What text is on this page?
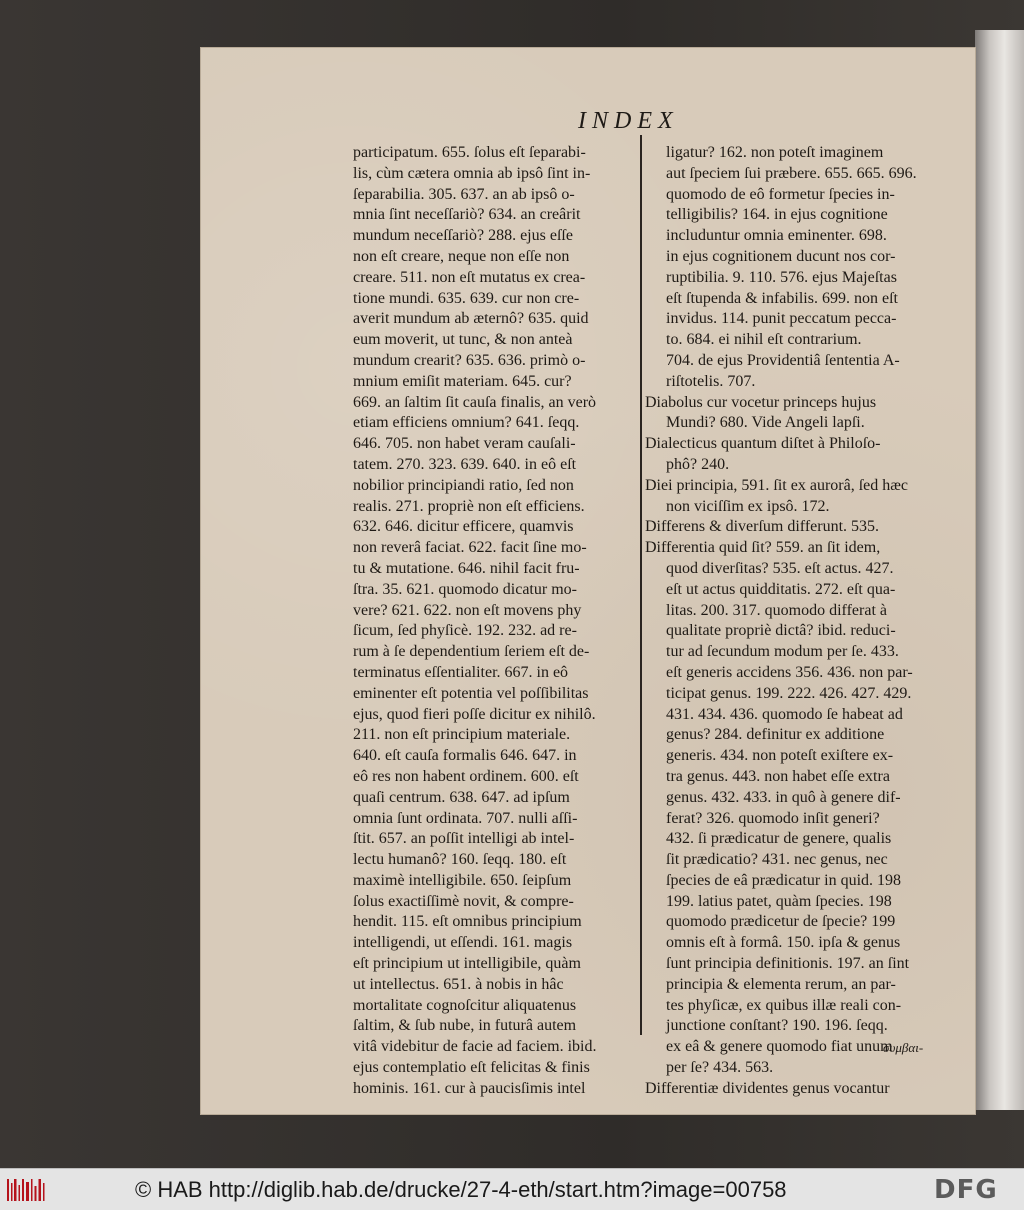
INDEX
participatum. 655. ſolus eſt ſeparabi-
lis, cùm cætera omnia ab ipsô ſint in-
ſeparabilia. 305. 637. an ab ipsô o-
mnia ſint neceſſariò? 634. an creârit
mundum neceſſariò? 288. ejus eſſe
non eſt creare, neque non eſſe non
creare. 511. non eſt mutatus ex crea-
tione mundi. 635. 639. cur non cre-
averit mundum ab æternô? 635. quid
eum moverit, ut tunc, & non anteà
mundum crearit? 635. 636. primò o-
mnium emiſit materiam. 645. cur?
669. an ſaltim ſit cauſa finalis, an verò
etiam efficiens omnium? 641. ſeqq.
646. 705. non habet veram cauſali-
tatem. 270. 323. 639. 640. in eô eſt
nobilior principiandi ratio, ſed non
realis. 271. propriè non eſt efficiens.
632. 646. dicitur efficere, quamvis
non reverâ faciat. 622. facit ſine mo-
tu & mutatione. 646. nihil facit fru-
ſtra. 35. 621. quomodo dicatur mo-
vere? 621. 622. non eſt movens phy
ſicum, ſed phyſicè. 192. 232. ad re-
rum à ſe dependentium ſeriem eſt de-
terminatus eſſentialiter. 667. in eô
eminenter eſt potentia vel poſſibilitas
ejus, quod fieri poſſe dicitur ex nihilô.
211. non eſt principium materiale.
640. eſt cauſa formalis 646. 647. in
eô res non habent ordinem. 600. eſt
quaſi centrum. 638. 647. ad ipſum
omnia ſunt ordinata. 707. nulli aſſi-
ſtit. 657. an poſſit intelligi ab intel-
lectu humanô? 160. ſeqq. 180. eſt
maximè intelligibile. 650. ſeipſum
ſolus exactiſſimè novit, & compre-
hendit. 115. eſt omnibus principium
intelligendi, ut eſſendi. 161. magis
eſt principium ut intelligibile, quàm
ut intellectus. 651. à nobis in hâc
mortalitate cognoſcitur aliquatenus
ſaltim, & ſub nube, in futurâ autem
vitâ videbitur de facie ad faciem. ibid.
ejus contemplatio eſt felicitas & finis
hominis. 161. cur à paucisſimis intel
ligatur? 162. non poteſt imaginem
aut ſpeciem ſui præbere. 655. 665. 696.
quomodo de eô formetur ſpecies in-
telligibilis? 164. in ejus cognitione
includuntur omnia eminenter. 698.
in ejus cognitionem ducunt nos cor-
ruptibilia. 9. 110. 576. ejus Majeſtas
eſt ſtupenda & infabilis. 699. non eſt
invidus. 114. punit peccatum pecca-
to. 684. ei nihil eſt contrarium.
704. de ejus Providentiâ ſententia A-
riſtotelis. 707.
Diabolus cur vocetur princeps hujus
Mundi? 680. Vide Angeli lapſi.
Dialecticus quantum diſtet à Philoſo-
phô? 240.
Diei principia, 591. ſit ex aurorâ, ſed hæc
non viciſſim ex ipsô. 172.
Differens & diverſum differunt. 535.
Differentia quid ſit? 559. an ſit idem,
quod diverſitas? 535. eſt actus. 427.
eſt ut actus quidditatis. 272. eſt qua-
litas. 200. 317. quomodo differat à
qualitate propriè dictâ? ibid. reduci-
tur ad ſecundum modum per ſe. 433.
eſt generis accidens 356. 436. non par-
ticipat genus. 199. 222. 426. 427. 429.
431. 434. 436. quomodo ſe habeat ad
genus? 284. definitur ex additione
generis. 434. non poteſt exiſtere ex-
tra genus. 443. non habet eſſe extra
genus. 432. 433. in quô à genere dif-
ferat? 326. quomodo inſit generi?
432. ſi prædicatur de genere, qualis
ſit prædicatio? 431. nec genus, nec
ſpecies de eâ prædicatur in quid. 198
199. latius patet, quàm ſpecies. 198
quomodo prædicetur de ſpecie? 199
omnis eſt à formâ. 150. ipſa & genus
ſunt principia definitionis. 197. an ſint
principia & elementa rerum, an par-
tes phyſicæ, ex quibus illæ reali con-
junctione conſtant? 190. 196. ſeqq.
ex eâ & genere quomodo fiat unum
per ſe? 434. 563.
Differentiæ dividentes genus vocantur
συμβαι-
© HAB http://diglib.hab.de/drucke/27-4-eth/start.htm?image=00758	DFG
